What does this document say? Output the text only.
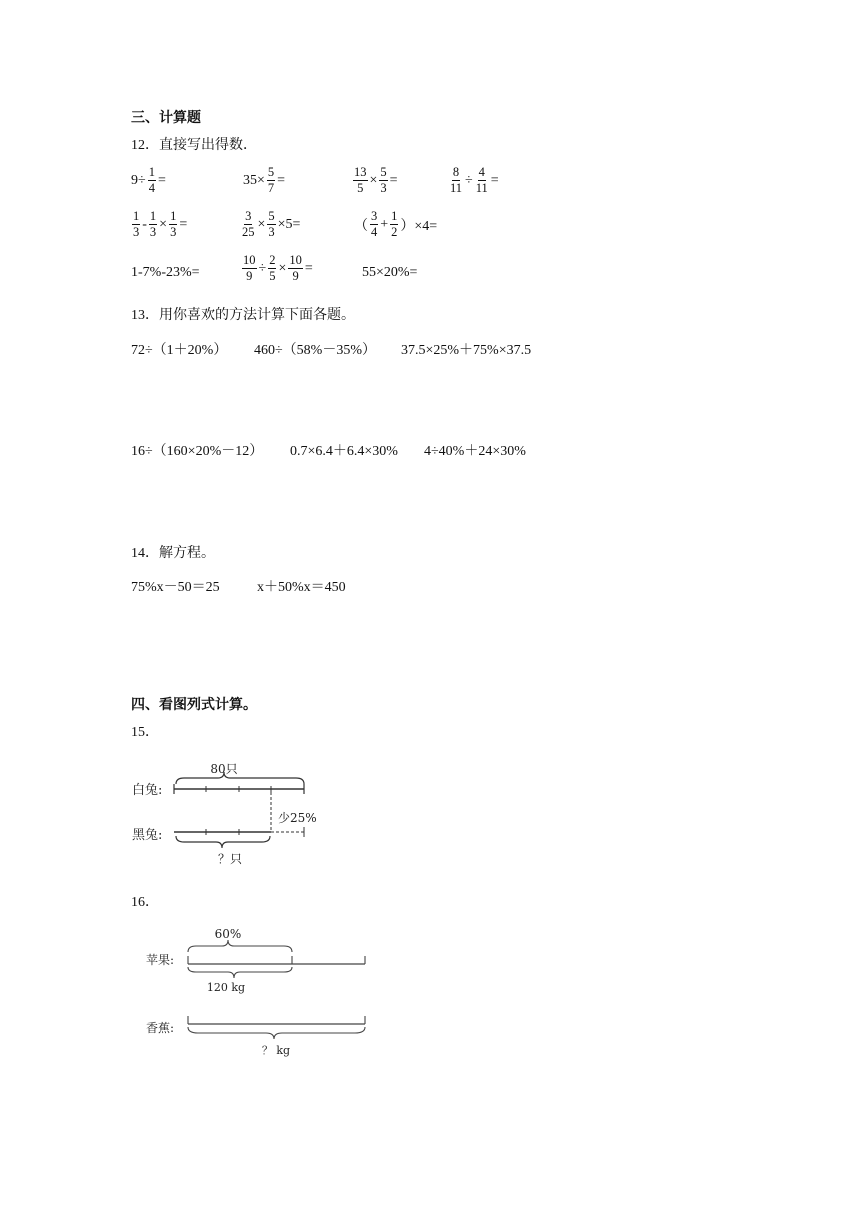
三、计算题
12．直接写出得数．
$9\div \frac{1}{4}$ =	$35\times \frac{5}{7}$ =	$\frac{13}{5} \times \frac{5}{3}$ =	$\frac{8}{11} \div \frac{4}{11}$ =
$\frac{1}{3} - \frac{1}{3} \times \frac{1}{3}$ =	$\frac{3}{25} \times \frac{5}{3} \times 5=$	（ $\frac{3}{4} + \frac{1}{2} )\times 4=$
1-7%-23%=	$\frac{10}{9} \div \frac{2}{5} \times \frac{10}{9}$ =	55×20%=
13．用你喜欢的方法计算下面各题。
72÷（1＋20%） 460÷（58%－35%） 37.5×25%＋75%×37.5
16÷（160×20%－12） 0.7×6.4＋6.4×30% 4÷40%＋24×30%
14．解方程。
75%x－50＝25	x＋50%x＝450
四、看图列式计算。
15．
白兔:
黑兔:
80只
少25%
？只
16．
60%
苹果:
120 kg
香蕉:
？ kg
